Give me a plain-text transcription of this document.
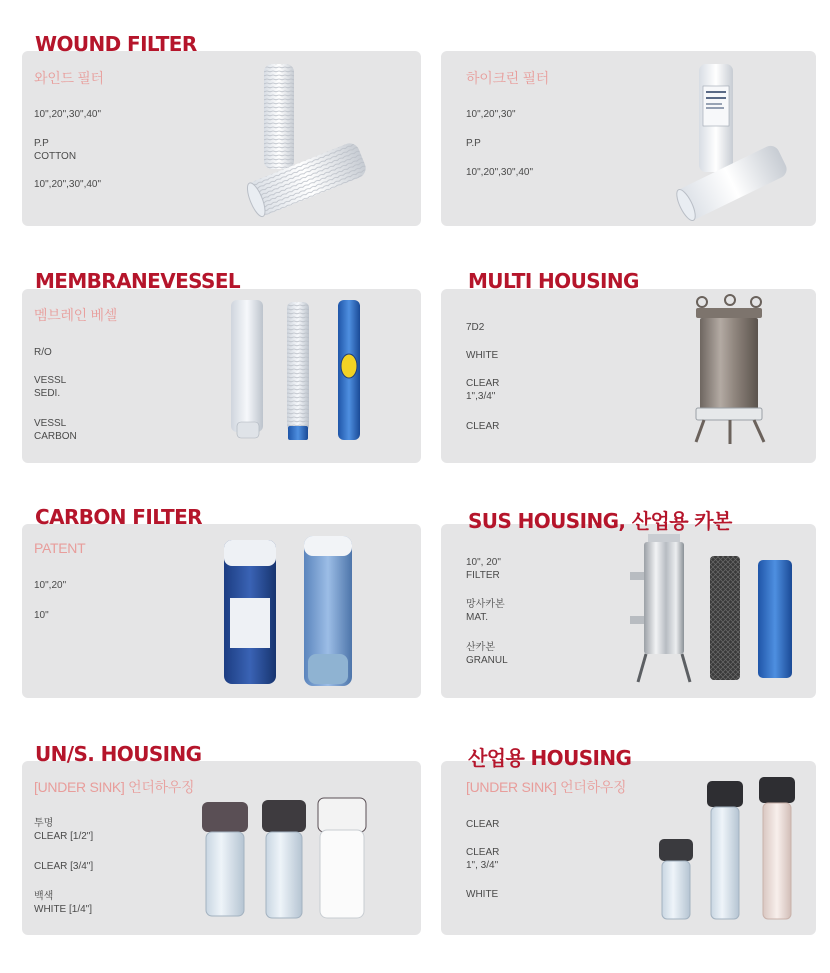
WOUND FILTER

와인드 필터

10",20",30",40"
P.P
COTTON
10",20",30",40"

하이크린 필터

10",20",30"
P.P
10",20",30",40"
MEMBRANEVESSEL

멤브레인 베셀

R/O
VESSL
SEDI.
VESSL
CARBON
MULTI HOUSING

7D2
WHITE
CLEAR
1",3/4"
CLEAR
CARBON FILTER

PATENT

10",20"
10"
SUS HOUSING, 산업용 카본

10", 20"
FILTER
망사카본
MAT.
산카본
GRANUL
UN/S. HOUSING

[UNDER SINK] 언더하우징

투명
CLEAR [1/2"]
CLEAR [3/4"]
백색
WHITE [1/4"]
산업용 HOUSING

[UNDER SINK] 언더하우징

CLEAR
CLEAR
1", 3/4"
WHITE
